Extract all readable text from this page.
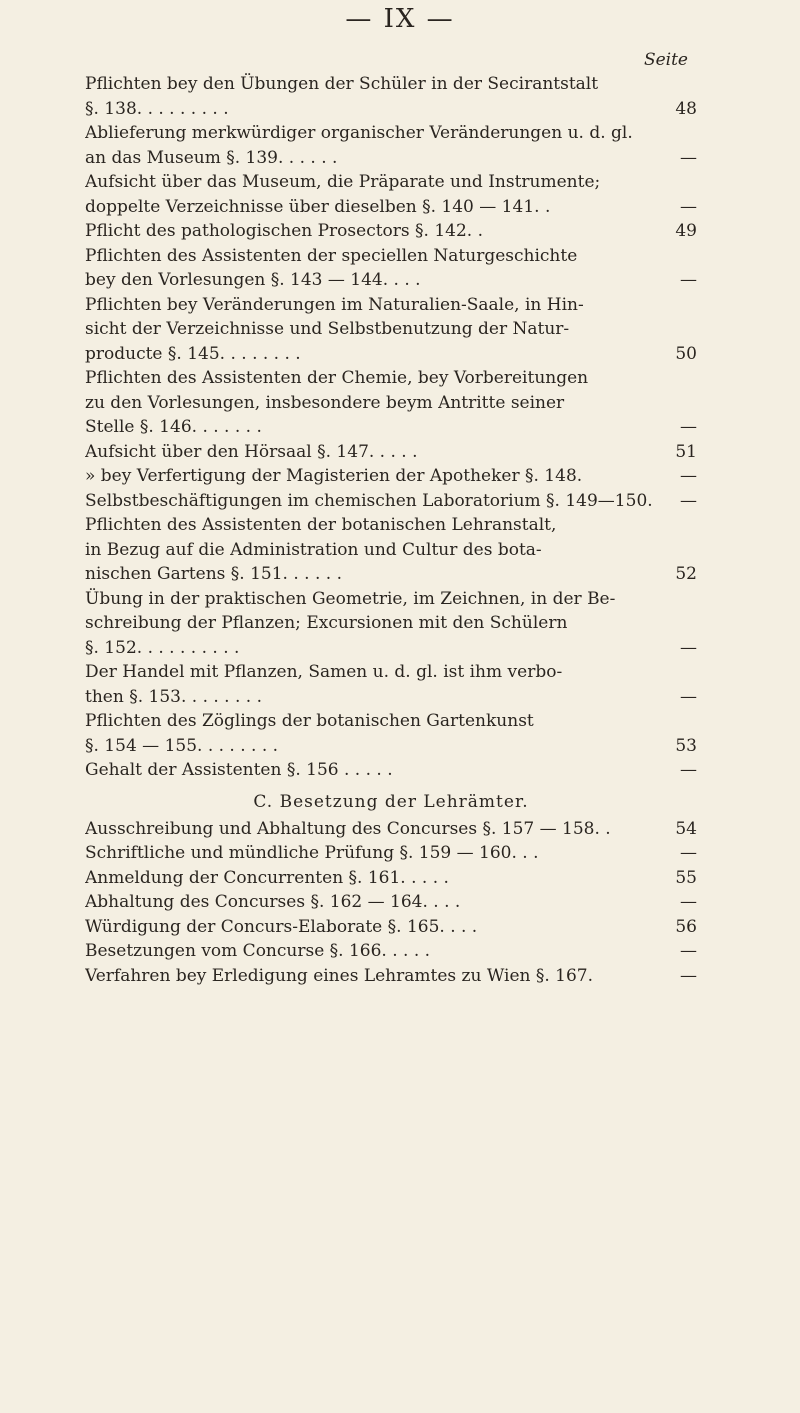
— IX —
Seite
Pflichten bey den Übungen der Schüler in der Secirantstalt
§. 138. . . . . . . . .	48
Ablieferung merkwürdiger organischer Veränderungen u. d. gl.
an das Museum §. 139. . . . . .	—
Aufsicht über das Museum, die Präparate und Instrumente;
doppelte Verzeichnisse über dieselben §. 140 — 141. .	—
Pflicht des pathologischen Prosectors §. 142. .	49
Pflichten des Assistenten der speciellen Naturgeschichte
bey den Vorlesungen §. 143 — 144. . . .	—
Pflichten bey Veränderungen im Naturalien-Saale, in Hin-
sicht der Verzeichnisse und Selbstbenutzung der Natur-
producte §. 145. . . . . . . .	50
Pflichten des Assistenten der Chemie, bey Vorbereitungen
zu den Vorlesungen, insbesondere beym Antritte seiner
Stelle §. 146. . . . . . .	—
Aufsicht über den Hörsaal §. 147. . . . .	51
» bey Verfertigung der Magisterien der Apotheker §. 148.	—
Selbstbeschäftigungen im chemischen Laboratorium §. 149—150.	—
Pflichten des Assistenten der botanischen Lehranstalt,
in Bezug auf die Administration und Cultur des bota-
nischen Gartens §. 151. . . . . .	52
Übung in der praktischen Geometrie, im Zeichnen, in der Be-
schreibung der Pflanzen; Excursionen mit den Schülern
§. 152. . . . . . . . . .	—
Der Handel mit Pflanzen, Samen u. d. gl. ist ihm verbo-
then §. 153. . . . . . . .	—
Pflichten des Zöglings der botanischen Gartenkunst
§. 154 — 155. . . . . . . .	53
Gehalt der Assistenten §. 156 . . . . .	—
C. Besetzung der Lehrämter.
Ausschreibung und Abhaltung des Concurses §. 157 — 158. .	54
Schriftliche und mündliche Prüfung §. 159 — 160. . .	—
Anmeldung der Concurrenten §. 161. . . . .	55
Abhaltung des Concurses §. 162 — 164. . . .	—
Würdigung der Concurs-Elaborate §. 165. . . .	56
Besetzungen vom Concurse §. 166. . . . .	—
Verfahren bey Erledigung eines Lehramtes zu Wien §. 167.	—
